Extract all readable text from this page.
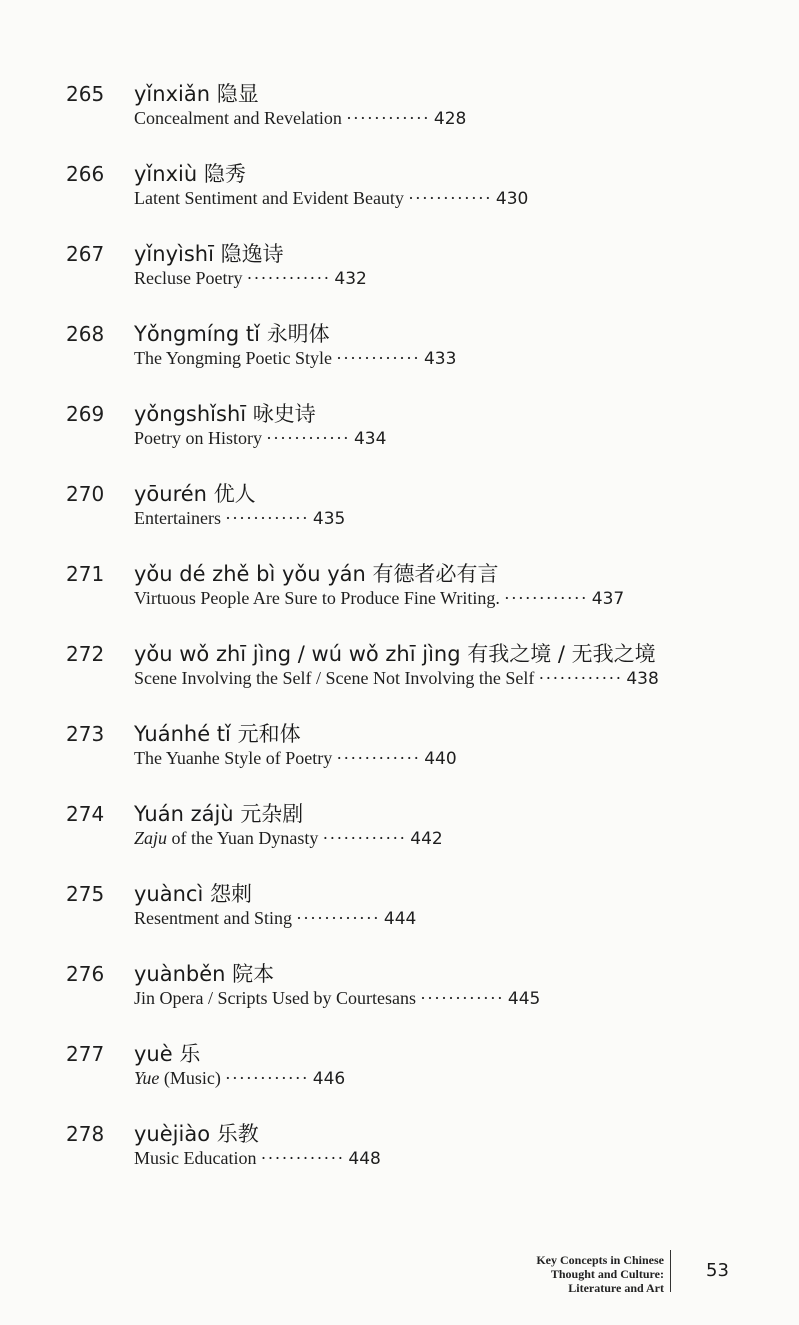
265	yǐnxiǎn 隐显
Concealment and Revelation ············ 428
266	yǐnxiù 隐秀
Latent Sentiment and Evident Beauty ············ 430
267	yǐnyìshī 隐逸诗
Recluse Poetry ············ 432
268	Yǒngmíng tǐ 永明体
The Yongming Poetic Style ············ 433
269	yǒngshǐshī 咏史诗
Poetry on History ············ 434
270	yōurén 优人
Entertainers ············ 435
271	yǒu dé zhě bì yǒu yán 有德者必有言
Virtuous People Are Sure to Produce Fine Writing. ············ 437
272	yǒu wǒ zhī jìng / wú wǒ zhī jìng 有我之境 / 无我之境
Scene Involving the Self / Scene Not Involving the Self ············ 438
273	Yuánhé tǐ 元和体
The Yuanhe Style of Poetry ············ 440
274	Yuán zájù 元杂剧
Zaju of the Yuan Dynasty ············ 442
275	yuàncì 怨刺
Resentment and Sting ············ 444
276	yuànběn 院本
Jin Opera / Scripts Used by Courtesans ············ 445
277	yuè 乐
Yue (Music) ············ 446
278	yuèjiào 乐教
Music Education ············ 448
Key Concepts in Chinese
Thought and Culture:
Literature and Art
53
